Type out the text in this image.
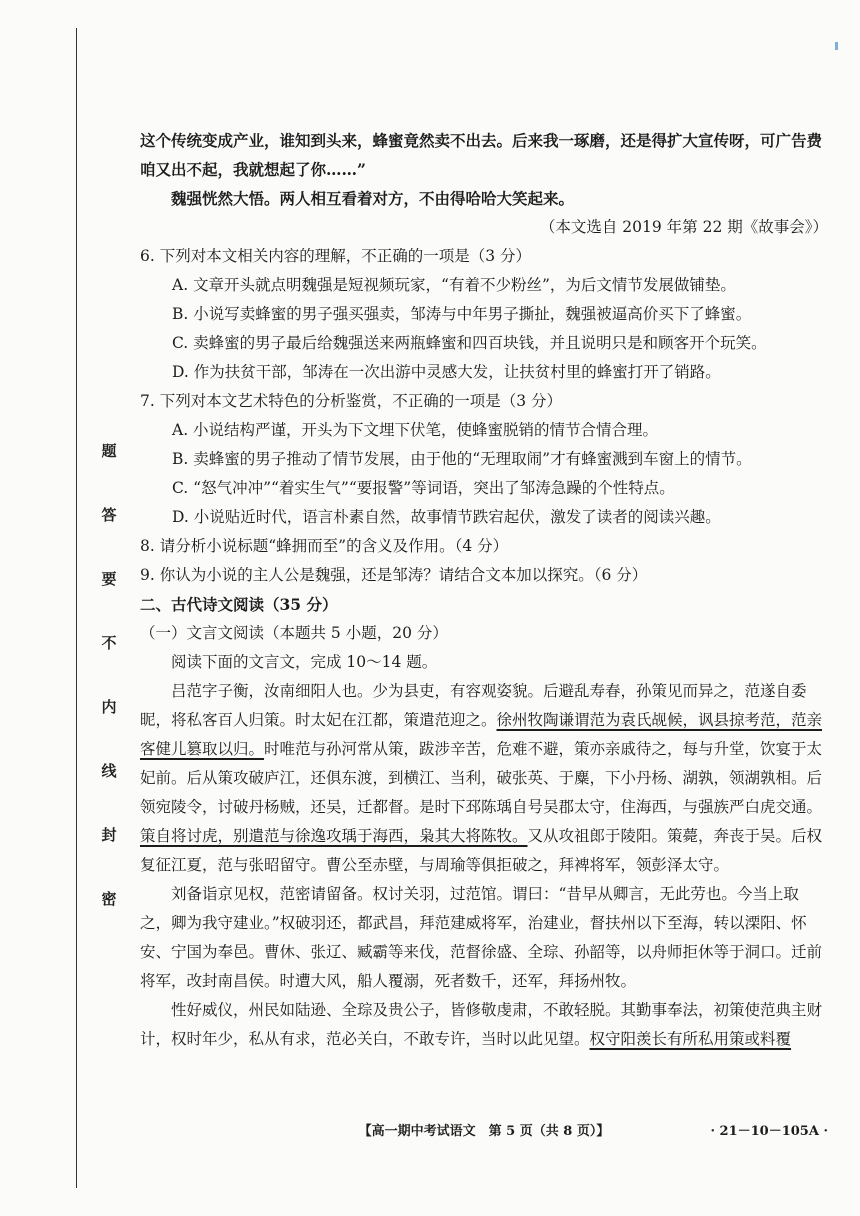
题
答
要
不
内
线
封
密

这个传统变成产业，谁知到头来，蜂蜜竟然卖不出去。后来我一琢磨，还是得扩大宣传呀，可广告费咱又出不起，我就想起了你……”

魏强恍然大悟。两人相互看着对方，不由得哈哈大笑起来。

（本文选自 2019 年第 22 期《故事会》）

6. 下列对本文相关内容的理解，不正确的一项是（3 分）

A. 文章开头就点明魏强是短视频玩家，“有着不少粉丝”，为后文情节发展做铺垫。

B. 小说写卖蜂蜜的男子强买强卖，邹涛与中年男子撕扯，魏强被逼高价买下了蜂蜜。

C. 卖蜂蜜的男子最后给魏强送来两瓶蜂蜜和四百块钱，并且说明只是和顾客开个玩笑。

D. 作为扶贫干部，邹涛在一次出游中灵感大发，让扶贫村里的蜂蜜打开了销路。

7. 下列对本文艺术特色的分析鉴赏，不正确的一项是（3 分）

A. 小说结构严谨，开头为下文埋下伏笔，使蜂蜜脱销的情节合情合理。

B. 卖蜂蜜的男子推动了情节发展，由于他的“无理取闹”才有蜂蜜溅到车窗上的情节。

C. “怒气冲冲”“着实生气”“要报警”等词语，突出了邹涛急躁的个性特点。

D. 小说贴近时代，语言朴素自然，故事情节跌宕起伏，激发了读者的阅读兴趣。

8. 请分析小说标题“蜂拥而至”的含义及作用。（4 分）

9. 你认为小说的主人公是魏强，还是邹涛？请结合文本加以探究。（6 分）

二、古代诗文阅读（35 分）

（一）文言文阅读（本题共 5 小题，20 分）

阅读下面的文言文，完成 10～14 题。

吕范字子衡，汝南细阳人也。少为县吏，有容观姿貌。后避乱寿春，孙策见而异之，范遂自委昵，将私客百人归策。时太妃在江都，策遣范迎之。徐州牧陶谦谓范为袁氏觇候，讽县掠考范，范亲客健儿篡取以归。时唯范与孙河常从策，跋涉辛苦，危难不避，策亦亲戚待之，每与升堂，饮宴于太妃前。后从策攻破庐江，还俱东渡，到横江、当利，破张英、于麋，下小丹杨、湖孰，领湖孰相。后领宛陵令，讨破丹杨贼，还吴，迁都督。是时下邳陈瑀自号吴郡太守，住海西，与强族严白虎交通。策自将讨虎，别遣范与徐逸攻瑀于海西，枭其大将陈牧。又从攻祖郎于陵阳。策薨，奔丧于吴。后权复征江夏，范与张昭留守。曹公至赤壁，与周瑜等俱拒破之，拜裨将军，领彭泽太守。

刘备诣京见权，范密请留备。权讨关羽，过范馆。谓曰：“昔早从卿言，无此劳也。今当上取之，卿为我守建业。”权破羽还，都武昌，拜范建威将军，治建业，督扶州以下至海，转以溧阳、怀安、宁国为奉邑。曹休、张辽、臧霸等来伐，范督徐盛、全琮、孙韶等，以舟师拒休等于洞口。迁前将军，改封南昌侯。时遭大风，船人覆溺，死者数千，还军，拜扬州牧。

性好威仪，州民如陆逊、全琮及贵公子，皆修敬虔肃，不敢轻脱。其勤事奉法，初策使范典主财计，权时年少，私从有求，范必关白，不敢专许，当时以此见望。权守阳羡长有所私用策或料覆

【高一期中考试语文　第 5 页（共 8 页）】	· 21－10－105A ·
